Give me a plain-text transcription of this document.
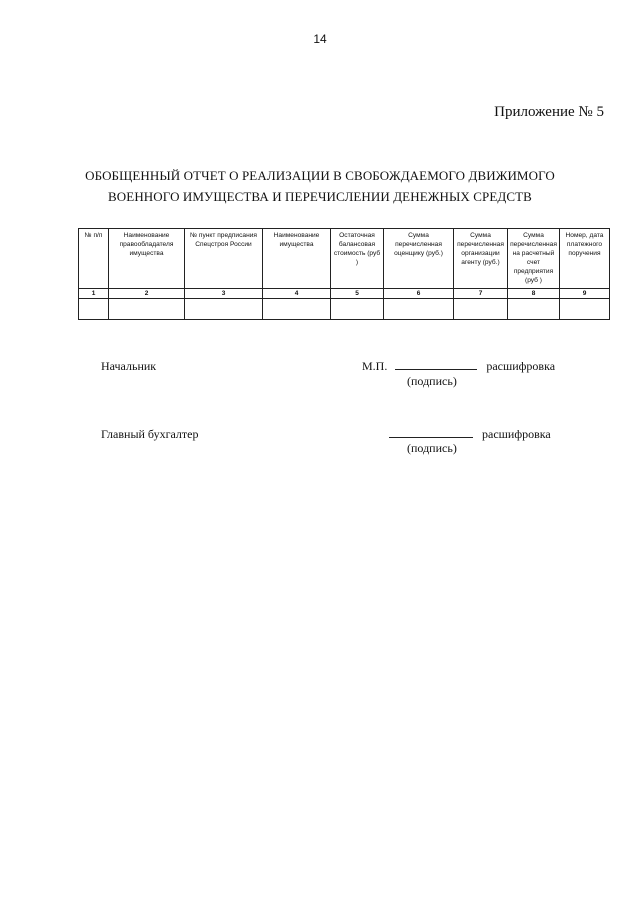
14
Приложение № 5
ОБОБЩЕННЫЙ ОТЧЕТ О РЕАЛИЗАЦИИ В СВОБОЖДАЕМОГО ДВИЖИМОГО
ВОЕННОГО ИМУЩЕСТВА И ПЕРЕЧИСЛЕНИИ ДЕНЕЖНЫХ СРЕДСТВ
№ п/п	Наименование правообладателя имущества	№ пункт предписания Спецстроя России	Наименование имущества	Остаточная балансовая стоимость (руб )	Сумма перечисленная оценщику (руб.)	Сумма перечисленная организации агенту (руб.)	Сумма перечисленная на расчетный счет предприятия (руб )	Номер, дата платежного поручения
1	2	3	4	5	6	7	8	9

Начальник	М.П.	расшифровка
(подпись)
Главный бухгалтер	расшифровка
(подпись)
